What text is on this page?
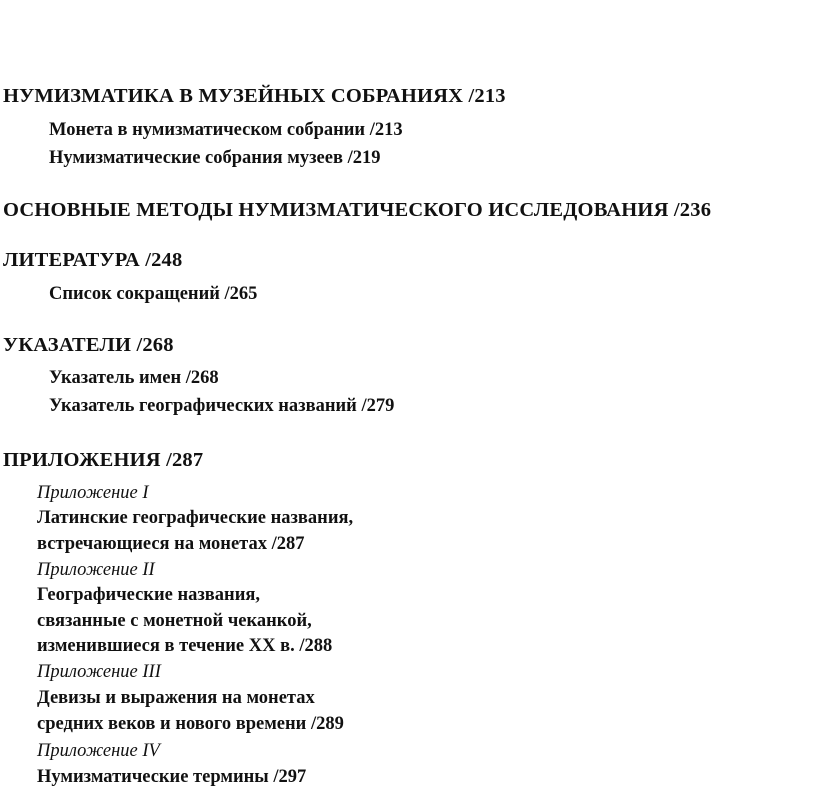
НУМИЗМАТИКА В МУЗЕЙНЫХ СОБРАНИЯХ /213
Монета в нумизматическом собрании /213
Нумизматические собрания музеев /219
ОСНОВНЫЕ МЕТОДЫ НУМИЗМАТИЧЕСКОГО ИССЛЕДОВАНИЯ /236
ЛИТЕРАТУРА /248
Список сокращений /265
УКАЗАТЕЛИ /268
Указатель имен /268
Указатель географических названий /279
ПРИЛОЖЕНИЯ /287
Приложение I
Латинские географические названия,
встречающиеся на монетах /287
Приложение II
Географические названия,
связанные с монетной чеканкой,
изменившиеся в течение XX в. /288
Приложение III
Девизы и выражения на монетах
средних веков и нового времени /289
Приложение IV
Нумизматические термины /297
